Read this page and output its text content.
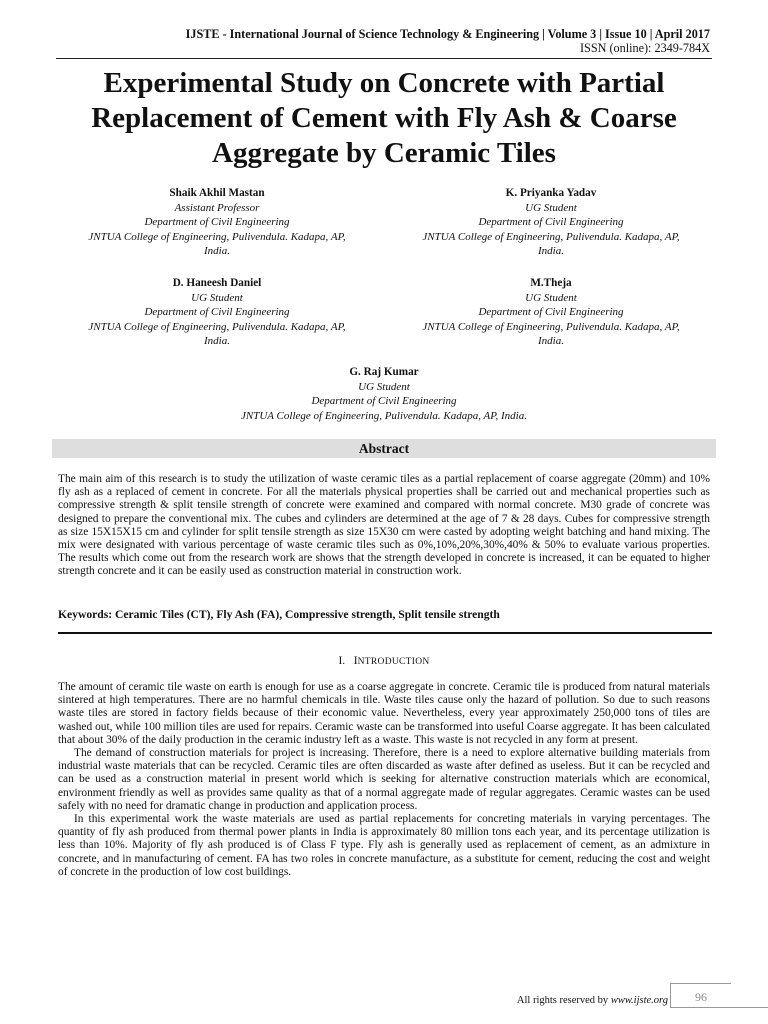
IJSTE - International Journal of Science Technology & Engineering | Volume 3 | Issue 10 | April 2017
ISSN (online): 2349-784X
Experimental Study on Concrete with Partial Replacement of Cement with Fly Ash & Coarse Aggregate by Ceramic Tiles
Shaik Akhil Mastan
Assistant Professor
Department of Civil Engineering
JNTUA College of Engineering, Pulivendula. Kadapa, AP,
India.
K. Priyanka Yadav
UG Student
Department of Civil Engineering
JNTUA College of Engineering, Pulivendula. Kadapa, AP,
India.
D. Haneesh Daniel
UG Student
Department of Civil Engineering
JNTUA College of Engineering, Pulivendula. Kadapa, AP,
India.
M.Theja
UG Student
Department of Civil Engineering
JNTUA College of Engineering, Pulivendula. Kadapa, AP,
India.
G. Raj Kumar
UG Student
Department of Civil Engineering
JNTUA College of Engineering, Pulivendula. Kadapa, AP, India.
Abstract

The main aim of this research is to study the utilization of waste ceramic tiles as a partial replacement of coarse aggregate (20mm) and 10% fly ash as a replaced of cement in concrete. For all the materials physical properties shall be carried out and mechanical properties such as compressive strength & split tensile strength of concrete were examined and compared with normal concrete. M30 grade of concrete was designed to prepare the conventional mix. The cubes and cylinders are determined at the age of 7 & 28 days. Cubes for compressive strength as size 15X15X15 cm and cylinder for split tensile strength as size 15X30 cm were casted by adopting weight batching and hand mixing. The mix were designated with various percentage of waste ceramic tiles such as 0%,10%,20%,30%,40% & 50% to evaluate various properties. The results which come out from the research work are shows that the strength developed in concrete is increased, it can be equated to higher strength concrete and it can be easily used as construction material in construction work.

Keywords: Ceramic Tiles (CT), Fly Ash (FA), Compressive strength, Split tensile strength
I. INTRODUCTION

The amount of ceramic tile waste on earth is enough for use as a coarse aggregate in concrete. Ceramic tile is produced from natural materials sintered at high temperatures. There are no harmful chemicals in tile. Waste tiles cause only the hazard of pollution. So due to such reasons waste tiles are stored in factory fields because of their economic value. Nevertheless, every year approximately 250,000 tons of tiles are washed out, while 100 million tiles are used for repairs. Ceramic waste can be transformed into useful Coarse aggregate. It has been calculated that about 30% of the daily production in the ceramic industry left as a waste. This waste is not recycled in any form at present.

The demand of construction materials for project is increasing. Therefore, there is a need to explore alternative building materials from industrial waste materials that can be recycled. Ceramic tiles are often discarded as waste after defined as useless. But it can be recycled and can be used as a construction material in present world which is seeking for alternative construction materials which are economical, environment friendly as well as provides same quality as that of a normal aggregate made of regular aggregates. Ceramic wastes can be used safely with no need for dramatic change in production and application process.

In this experimental work the waste materials are used as partial replacements for concreting materials in varying percentages. The quantity of fly ash produced from thermal power plants in India is approximately 80 million tons each year, and its percentage utilization is less than 10%. Majority of fly ash produced is of Class F type. Fly ash is generally used as replacement of cement, as an admixture in concrete, and in manufacturing of cement. FA has two roles in concrete manufacture, as a substitute for cement, reducing the cost and weight of concrete in the production of low cost buildings.

All rights reserved by www.ijste.org	96
